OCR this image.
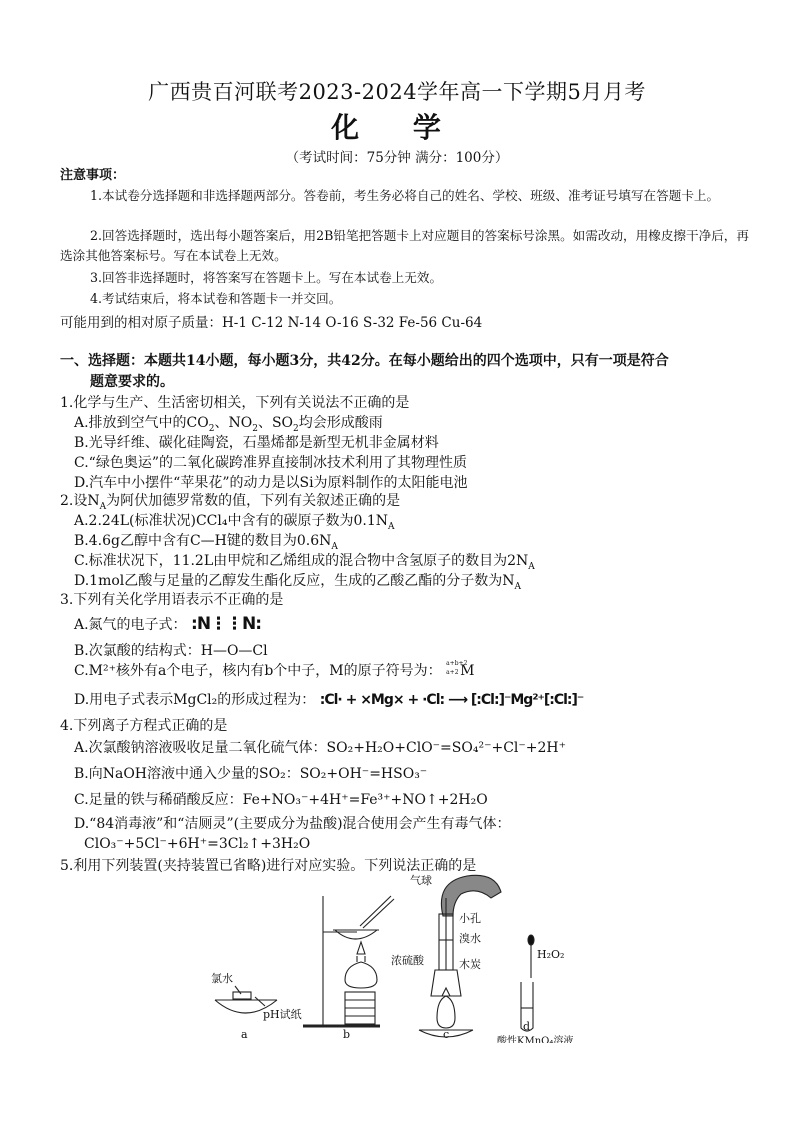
广西贵百河联考2023-2024学年高一下学期5月月考
化 学
（考试时间：75分钟 满分：100分）
注意事项：
1.本试卷分选择题和非选择题两部分。答卷前，考生务必将自己的姓名、学校、班级、准考证号填写在答题卡上。
2.回答选择题时，选出每小题答案后，用2B铅笔把答题卡上对应题目的答案标号涂黑。如需改动，用橡皮擦干净后，再选涂其他答案标号。写在本试卷上无效。
3.回答非选择题时，将答案写在答题卡上。写在本试卷上无效。
4.考试结束后，将本试卷和答题卡一并交回。
可能用到的相对原子质量：H-1 C-12 N-14 O-16 S-32 Fe-56 Cu-64
一、选择题：本题共14小题，每小题3分，共42分。在每小题给出的四个选项中，只有一项是符合
题意要求的。
1.化学与生产、生活密切相关，下列有关说法不正确的是
A.排放到空气中的$CO_2$、$NO_2$、$SO_2$均会形成酸雨
B.光导纤维、碳化硅陶瓷，石墨烯都是新型无机非金属材料
C.“绿色奥运”的二氧化碳跨准界直接制冰技术利用了其物理性质
D.汽车中小摆件“苹果花”的动力是以Si为原料制作的太阳能电池
2.设$N_A$为阿伏加德罗常数的值，下列有关叙述正确的是
A.2.24L(标准状况)CCl₄中含有的碳原子数为$0.1N_A$
B.4.6g乙醇中含有C—H键的数目为$0.6N_A$
C.标准状况下，11.2L由甲烷和乙烯组成的混合物中含氢原子的数目为$2N_A$
D.1mol乙酸与足量的乙醇发生酯化反应，生成的乙酸乙酯的分子数为$N_A$
3.下列有关化学用语表示不正确的是
A.氮气的电子式： :N⋮⋮N:
B.次氯酸的结构式：H—O—Cl
C.M²⁺核外有a个电子，核内有b个中子，M的原子符号为： a+b+2
a+2 M
D.用电子式表示MgCl₂的形成过程为： :Cl· + ×Mg× + ·Cl: ⟶ [:Cl:]⁻Mg²⁺[:Cl:]⁻
4.下列离子方程式正确的是
A.次氯酸钠溶液吸收足量二氧化硫气体：SO₂+H₂O+ClO⁻=SO₄²⁻+Cl⁻+2H⁺
B.向NaOH溶液中通入少量的SO₂：SO₂+OH⁻=HSO₃⁻
C.足量的铁与稀硝酸反应：Fe+NO₃⁻+4H⁺=Fe³⁺+NO↑+2H₂O
D.“84消毒液”和“洁厕灵”(主要成分为盐酸)混合使用会产生有毒气体：
ClO₃⁻+5Cl⁻+6H⁺=3Cl₂↑+3H₂O
5.利用下列装置(夹持装置已省略)进行对应实验。下列说法正确的是
氯水
pH试纸
气球
小孔
溴水
浓硫酸	木炭
H₂O₂
酸性KMnO₄溶液
a	b	c
d
